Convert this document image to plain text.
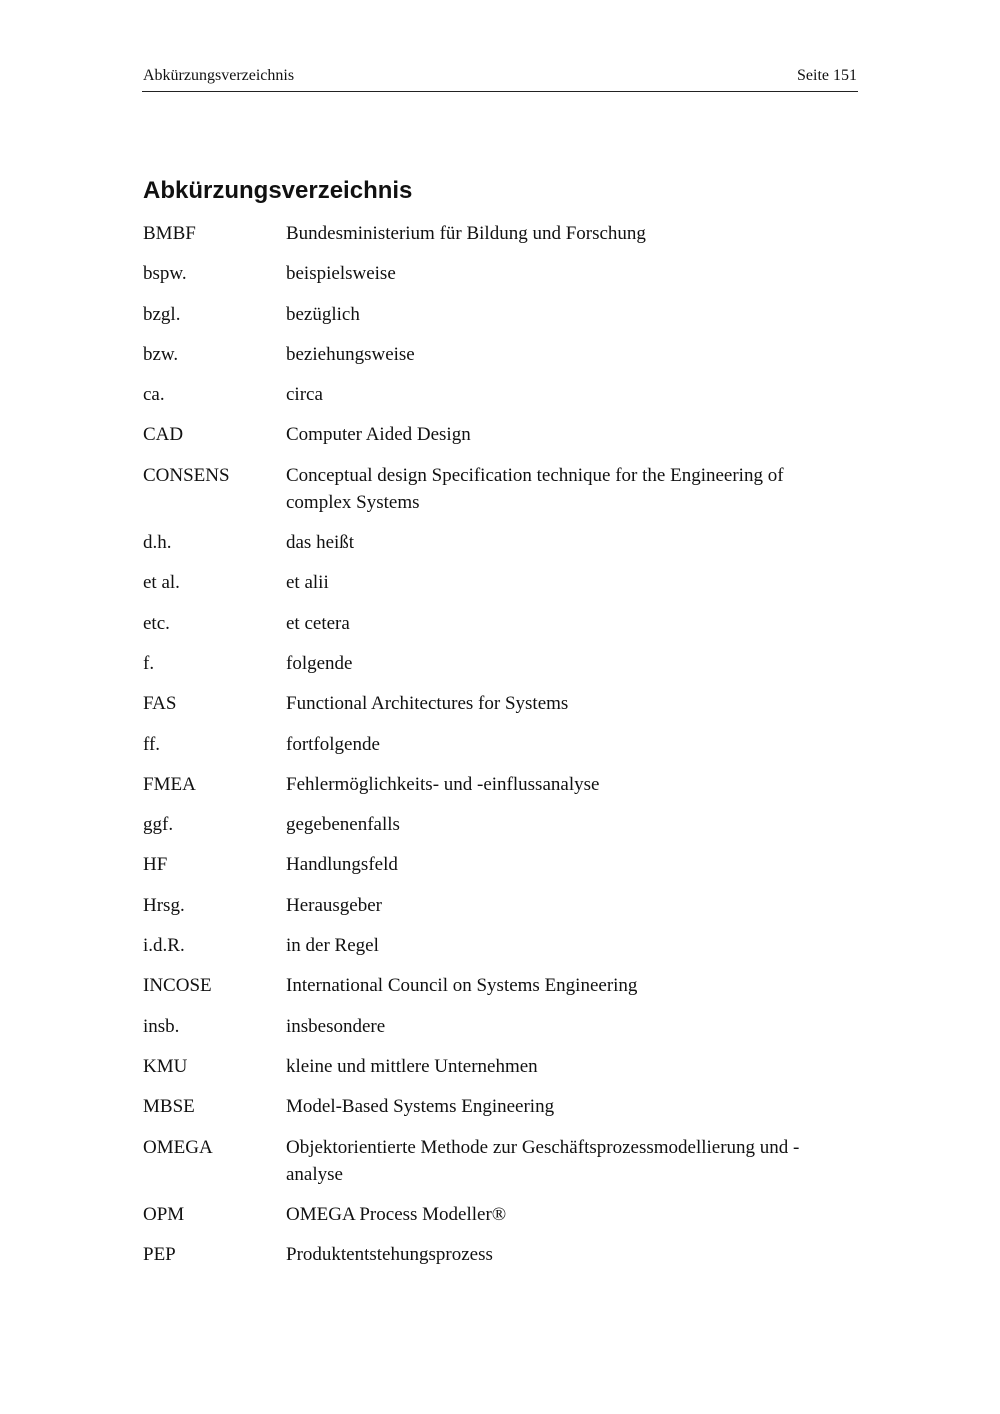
Abkürzungsverzeichnis	Seite 151
Abkürzungsverzeichnis
BMBF	Bundesministerium für Bildung und Forschung
bspw.	beispielsweise
bzgl.	bezüglich
bzw.	beziehungsweise
ca.	circa
CAD	Computer Aided Design
CONSENS	Conceptual design Specification technique for the Engineering of complex Systems
d.h.	das heißt
et al.	et alii
etc.	et cetera
f.	folgende
FAS	Functional Architectures for Systems
ff.	fortfolgende
FMEA	Fehlermöglichkeits- und -einflussanalyse
ggf.	gegebenenfalls
HF	Handlungsfeld
Hrsg.	Herausgeber
i.d.R.	in der Regel
INCOSE	International Council on Systems Engineering
insb.	insbesondere
KMU	kleine und mittlere Unternehmen
MBSE	Model-Based Systems Engineering
OMEGA	Objektorientierte Methode zur Geschäftsprozessmodellierung und -analyse
OPM	OMEGA Process Modeller®
PEP	Produktentstehungsprozess
